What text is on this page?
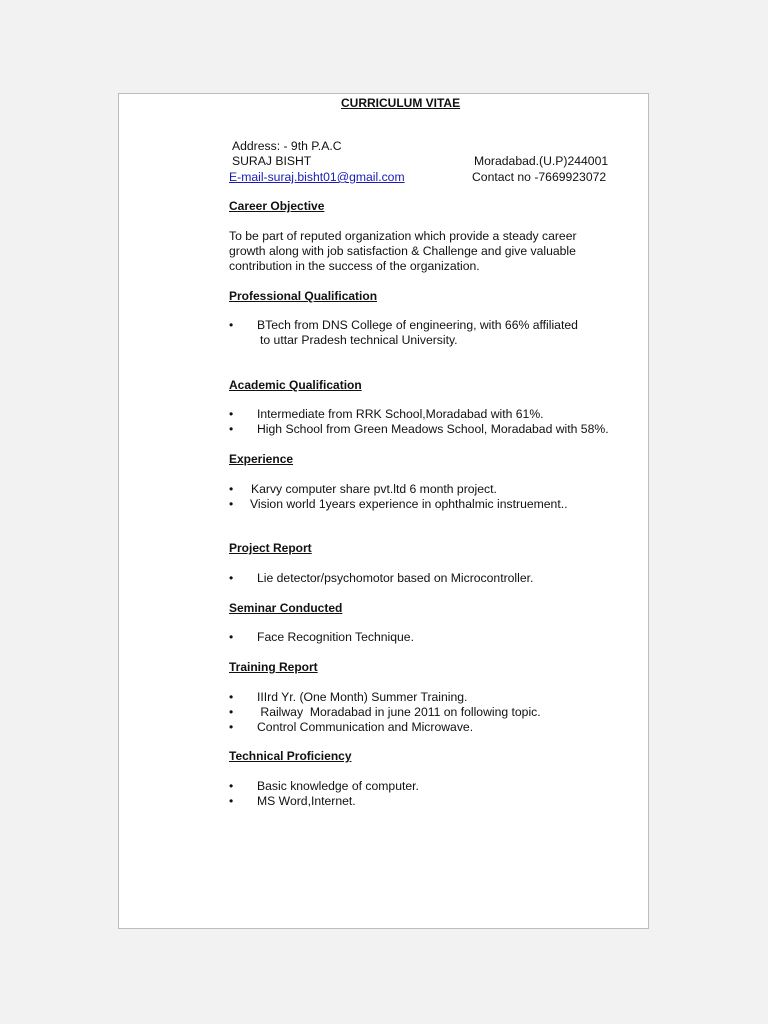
CURRICULUM VITAE
Address: - 9th P.A.C
SURAJ BISHT
E-mail-suraj.bisht01@gmail.com
Moradabad.(U.P)244001
Contact no -7669923072
Career Objective
To be part of reputed organization which provide a steady career
growth along with job satisfaction & Challenge and give valuable
contribution in the success of the organization.
Professional Qualification
• BTech from DNS College of engineering, with 66% affiliated
to uttar Pradesh technical University.
Academic Qualification
• Intermediate from RRK School,Moradabad with 61%.
• High School from Green Meadows School, Moradabad with 58%.
Experience
• Karvy computer share pvt.ltd 6 month project.
• Vision world 1years experience in ophthalmic instruement..
Project Report
• Lie detector/psychomotor based on Microcontroller.
Seminar Conducted
• Face Recognition Technique.
Training Report
• IIIrd Yr. (One Month) Summer Training.
• Railway  Moradabad in june 2011 on following topic.
• Control Communication and Microwave.
Technical Proficiency
• Basic knowledge of computer.
• MS Word,Internet.
